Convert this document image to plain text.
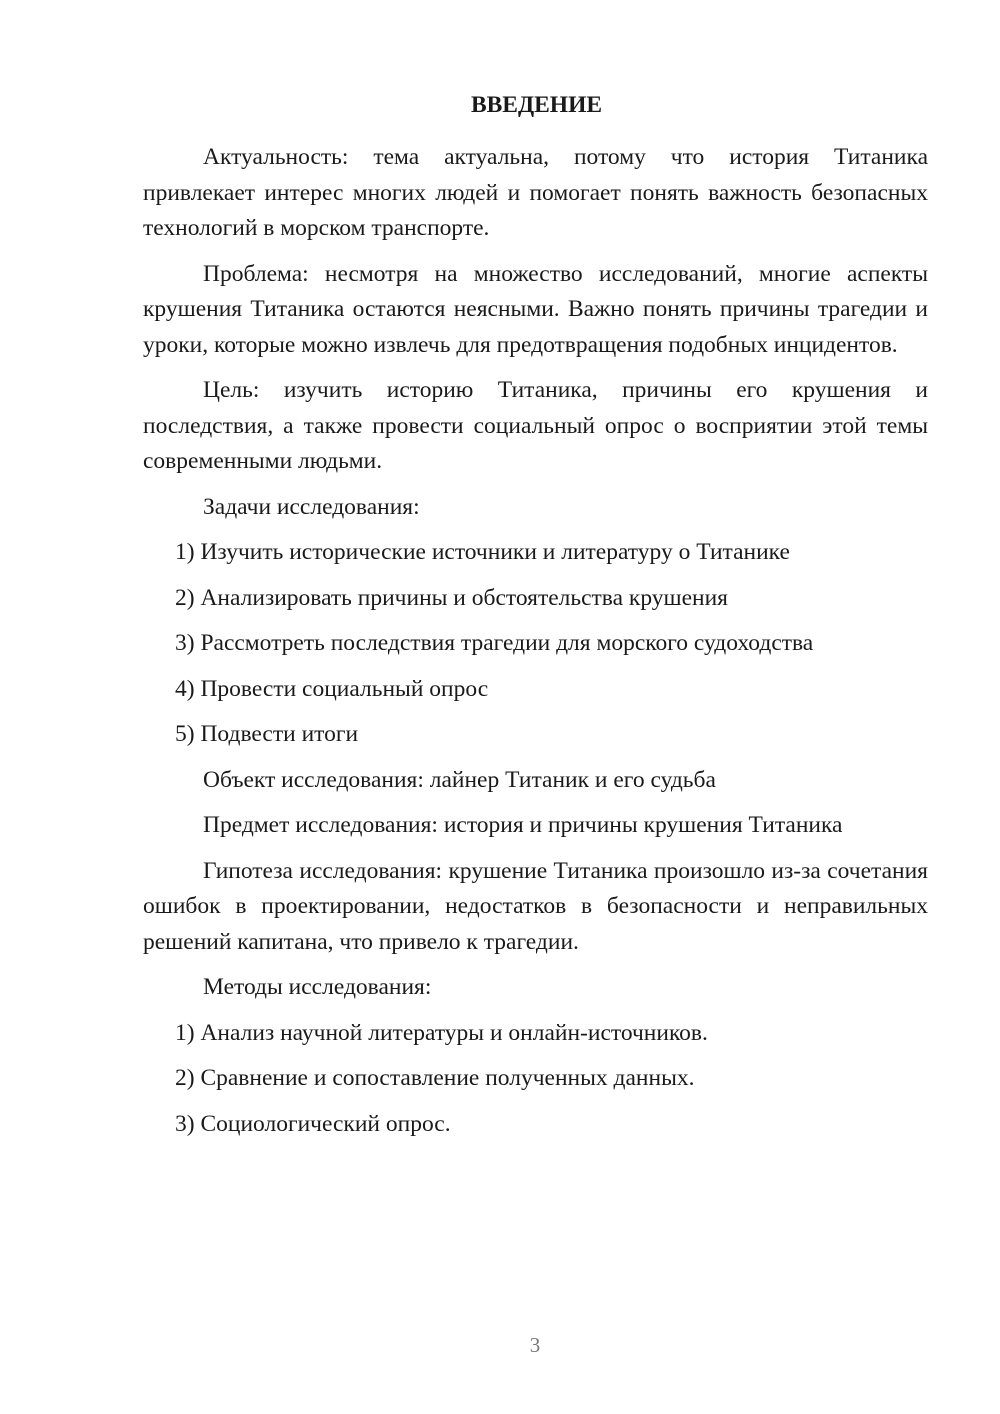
ВВЕДЕНИЕ

Актуальность: тема актуальна, потому что история Титаника привлекает интерес многих людей и помогает понять важность безопасных технологий в морском транспорте.

Проблема: несмотря на множество исследований, многие аспекты крушения Титаника остаются неясными. Важно понять причины трагедии и уроки, которые можно извлечь для предотвращения подобных инцидентов.

Цель: изучить историю Титаника, причины его крушения и последствия, а также провести социальный опрос о восприятии этой темы современными людьми.

Задачи исследования:
1) Изучить исторические источники и литературу о Титанике
2) Анализировать причины и обстоятельства крушения
3) Рассмотреть последствия трагедии для морского судоходства
4) Провести социальный опрос
5) Подвести итоги
Объект исследования: лайнер Титаник и его судьба
Предмет исследования: история и причины крушения Титаника

Гипотеза исследования: крушение Титаника произошло из-за сочетания ошибок в проектировании, недостатков в безопасности и неправильных решений капитана, что привело к трагедии.

Методы исследования:
1) Анализ научной литературы и онлайн-источников.
2) Сравнение и сопоставление полученных данных.
3) Социологический опрос.
3
